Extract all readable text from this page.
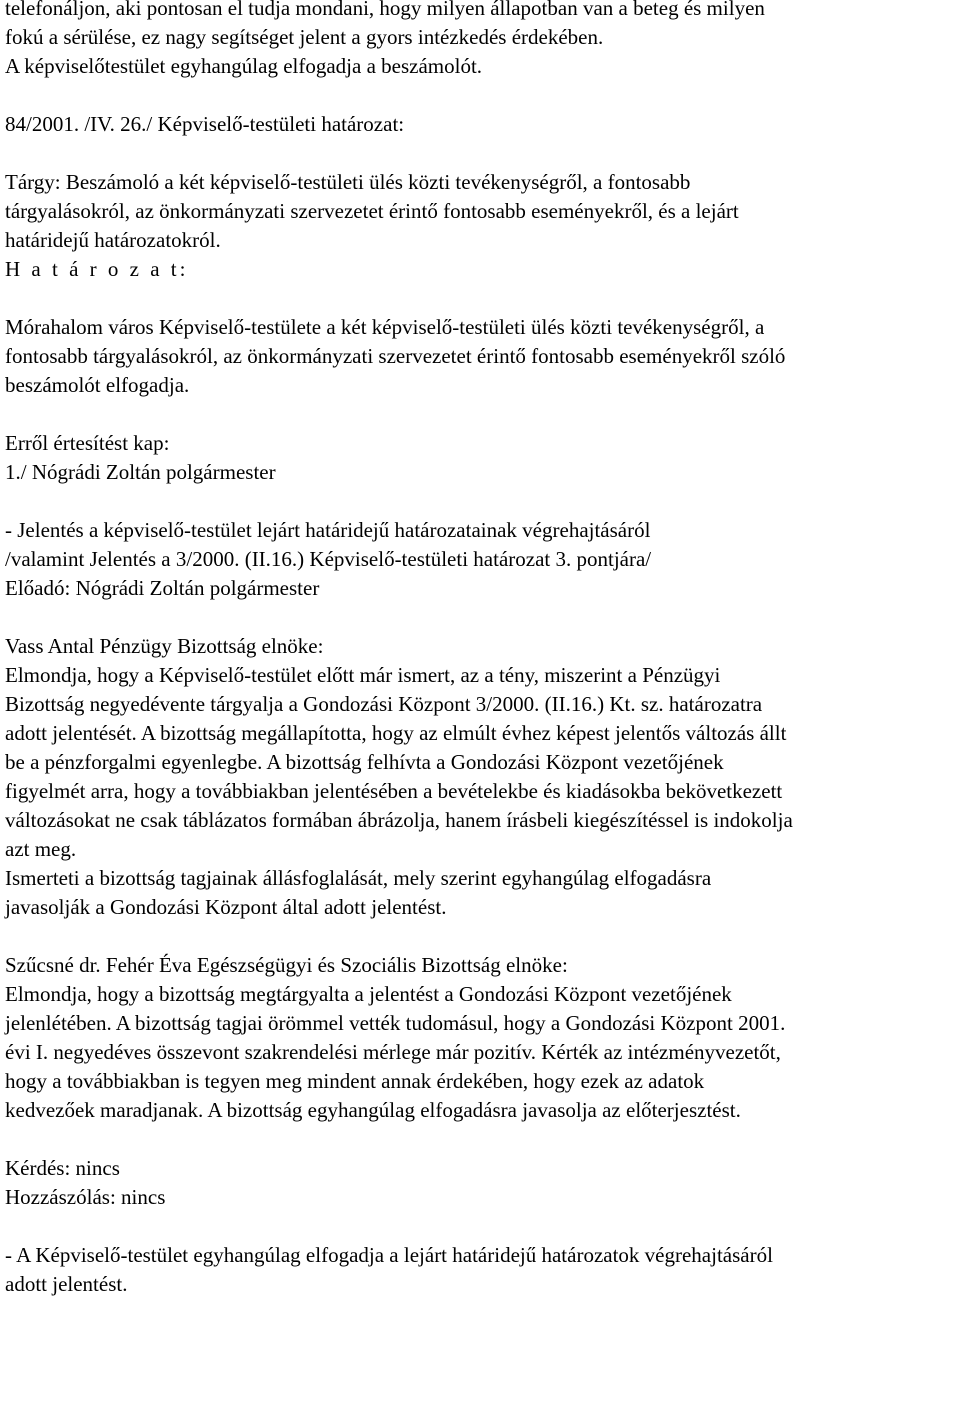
telefonáljon, aki pontosan el tudja mondani, hogy milyen állapotban van a beteg és milyen
fokú a sérülése, ez nagy segítséget jelent a gyors intézkedés érdekében.
A képviselőtestület egyhangúlag elfogadja a beszámolót.
84/2001. /IV. 26./ Képviselő-testületi határozat:
Tárgy: Beszámoló a két képviselő-testületi ülés közti tevékenységről, a fontosabb
tárgyalásokról, az önkormányzati szervezetet érintő fontosabb eseményekről, és a lejárt
határidejű határozatokról.
H a t á r o z a t:
Mórahalom város Képviselő-testülete a két képviselő-testületi ülés közti tevékenységről, a
fontosabb tárgyalásokról, az önkormányzati szervezetet érintő fontosabb eseményekről szóló
beszámolót elfogadja.
Erről értesítést kap:
1./ Nógrádi Zoltán polgármester
- Jelentés a képviselő-testület lejárt határidejű határozatainak végrehajtásáról
/valamint Jelentés a 3/2000. (II.16.) Képviselő-testületi határozat 3. pontjára/
Előadó: Nógrádi Zoltán polgármester
Vass Antal Pénzügy Bizottság elnöke:
Elmondja, hogy a Képviselő-testület előtt már ismert, az a tény, miszerint a Pénzügyi
Bizottság negyedévente tárgyalja a Gondozási Központ 3/2000. (II.16.) Kt. sz. határozatra
adott jelentését. A bizottság megállapította, hogy az elmúlt évhez képest jelentős változás állt
be a pénzforgalmi egyenlegbe. A bizottság felhívta a Gondozási Központ vezetőjének
figyelmét arra, hogy a továbbiakban jelentésében a bevételekbe és kiadásokba bekövetkezett
változásokat ne csak táblázatos formában ábrázolja, hanem írásbeli kiegészítéssel is indokolja
azt meg.
Ismerteti a bizottság tagjainak állásfoglalását, mely szerint egyhangúlag elfogadásra
javasolják a Gondozási Központ által adott jelentést.
Szűcsné dr. Fehér Éva Egészségügyi és Szociális Bizottság elnöke:
Elmondja, hogy a bizottság megtárgyalta a jelentést a Gondozási Központ vezetőjének
jelenlétében. A bizottság tagjai örömmel vették tudomásul, hogy a Gondozási Központ 2001.
évi I. negyedéves összevont szakrendelési mérlege már pozitív. Kérték az intézményvezetőt,
hogy a továbbiakban is tegyen meg mindent annak érdekében, hogy ezek az adatok
kedvezőek maradjanak. A bizottság egyhangúlag elfogadásra javasolja az előterjesztést.
Kérdés: nincs
Hozzászólás: nincs
- A Képviselő-testület egyhangúlag elfogadja a lejárt határidejű határozatok végrehajtásáról
adott jelentést.
